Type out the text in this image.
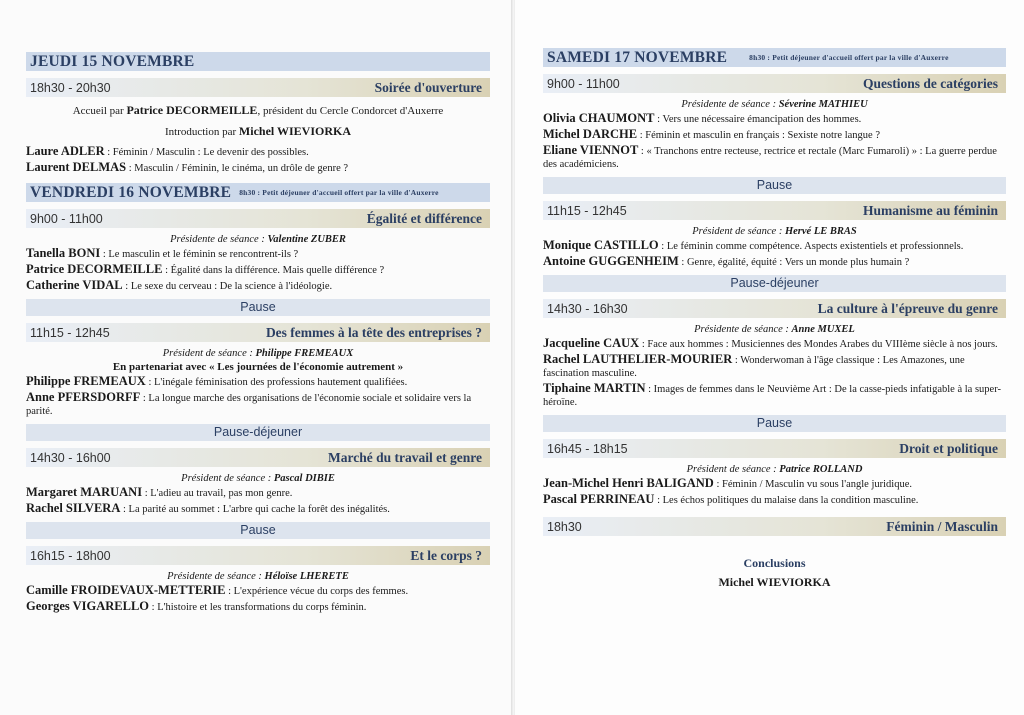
JEUDI 15 NOVEMBRE
18h30 - 20h30	Soirée d'ouverture
Accueil par Patrice DECORMEILLE, président du Cercle Condorcet d'Auxerre
Introduction par Michel WIEVIORKA
Laure ADLER : Féminin / Masculin : Le devenir des possibles.
Laurent DELMAS : Masculin / Féminin, le cinéma, un drôle de genre ?
VENDREDI 16 NOVEMBRE 8h30 : Petit déjeuner d'accueil offert par la ville d'Auxerre
9h00 - 11h00	Égalité et différence
Présidente de séance : Valentine ZUBER
Tanella BONI : Le masculin et le féminin se rencontrent-ils ?
Patrice DECORMEILLE : Égalité dans la différence. Mais quelle différence ?
Catherine VIDAL : Le sexe du cerveau : De la science à l'idéologie.
Pause
11h15 - 12h45	Des femmes à la tête des entreprises ?
Président de séance : Philippe FREMEAUX
En partenariat avec « Les journées de l'économie autrement »
Philippe FREMEAUX : L'inégale féminisation des professions hautement qualifiées.
Anne PFERSDORFF : La longue marche des organisations de l'économie sociale et solidaire vers la parité.
Pause-déjeuner
14h30 - 16h00	Marché du travail et genre
Président de séance : Pascal DIBIE
Margaret MARUANI : L'adieu au travail, pas mon genre.
Rachel SILVERA : La parité au sommet : L'arbre qui cache la forêt des inégalités.
Pause
16h15 - 18h00	Et le corps ?
Présidente de séance : Héloïse LHERETE
Camille FROIDEVAUX-METTERIE : L'expérience vécue du corps des femmes.
Georges VIGARELLO : L'histoire et les transformations du corps féminin.
SAMEDI 17 NOVEMBRE	8h30 : Petit déjeuner d'accueil offert par la ville d'Auxerre
9h00 - 11h00	Questions de catégories
Présidente de séance : Séverine MATHIEU
Olivia CHAUMONT : Vers une nécessaire émancipation des hommes.
Michel DARCHE : Féminin et masculin en français : Sexiste notre langue ?
Eliane VIENNOT : « Tranchons entre recteuse, rectrice et rectale (Marc Fumaroli) » : La guerre perdue des académiciens.
Pause
11h15 - 12h45	Humanisme au féminin
Président de séance : Hervé LE BRAS
Monique CASTILLO : Le féminin comme compétence. Aspects existentiels et professionnels.
Antoine GUGGENHEIM : Genre, égalité, équité : Vers un monde plus humain ?
Pause-déjeuner
14h30 - 16h30	La culture à l'épreuve du genre
Présidente de séance : Anne MUXEL
Jacqueline CAUX : Face aux hommes : Musiciennes des Mondes Arabes du VIIIème siècle à nos jours.
Rachel LAUTHELIER-MOURIER : Wonderwoman à l'âge classique : Les Amazones, une fascination masculine.
Tiphaine MARTIN : Images de femmes dans le Neuvième Art : De la casse-pieds infatigable à la super-héroïne.
Pause
16h45 - 18h15	Droit et politique
Président de séance : Patrice ROLLAND
Jean-Michel Henri BALIGAND : Féminin / Masculin vu sous l'angle juridique.
Pascal PERRINEAU : Les échos politiques du malaise dans la condition masculine.
18h30	Féminin / Masculin
Conclusions
Michel WIEVIORKA
